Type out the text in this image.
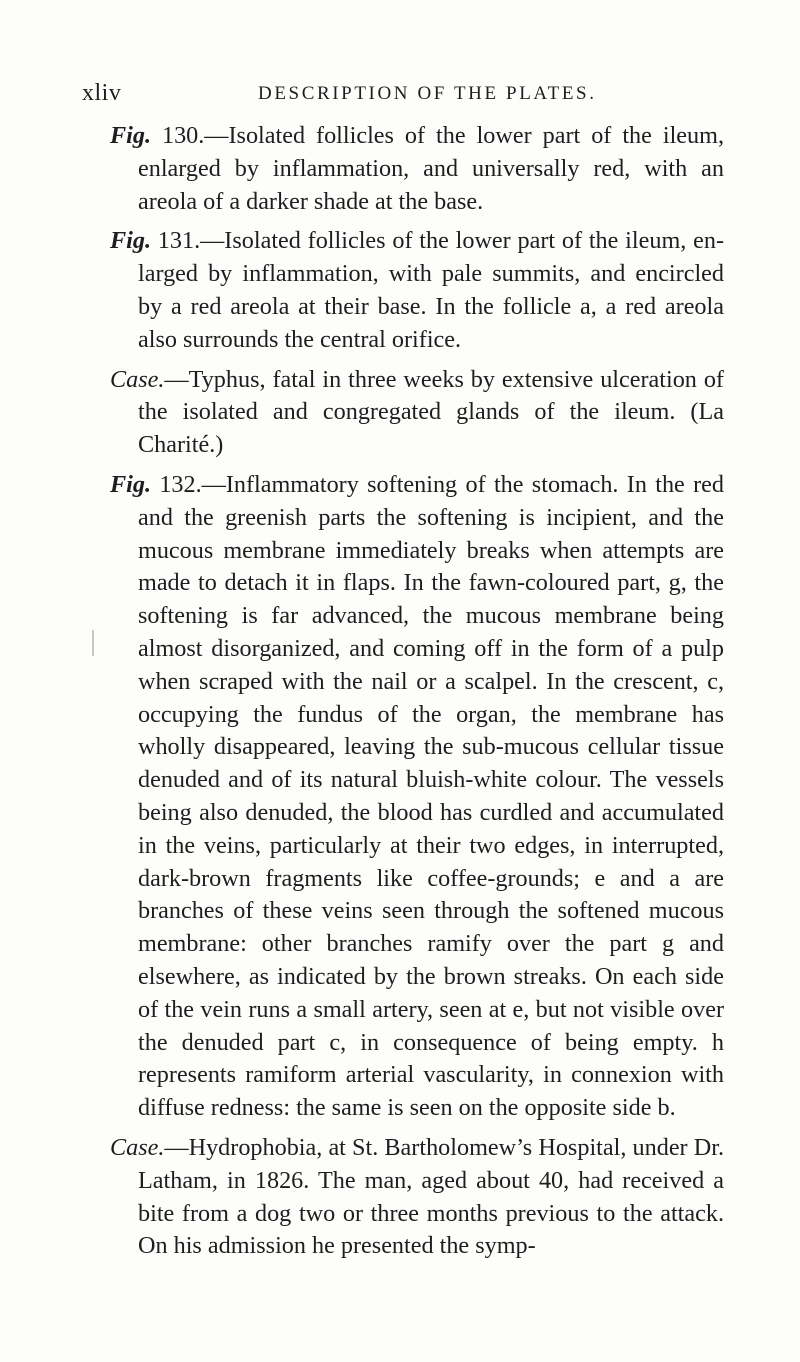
xliv	DESCRIPTION OF THE PLATES.

Fig. 130.—Isolated follicles of the lower part of the ileum, enlarged by inflammation, and universally red, with an areola of a darker shade at the base.

Fig. 131.—Isolated follicles of the lower part of the ileum, enlarged by inflammation, with pale summits, and encircled by a red areola at their base. In the follicle a, a red areola also surrounds the central orifice.

Case.—Typhus, fatal in three weeks by extensive ulceration of the isolated and congregated glands of the ileum. (La Charité.)

Fig. 132.—Inflammatory softening of the stomach. In the red and the greenish parts the softening is incipient, and the mucous membrane immediately breaks when attempts are made to detach it in flaps. In the fawn-coloured part, g, the softening is far advanced, the mucous membrane being almost disorganized, and coming off in the form of a pulp when scraped with the nail or a scalpel. In the crescent, c, occupying the fundus of the organ, the membrane has wholly disappeared, leaving the sub-mucous cellular tissue denuded and of its natural bluish-white colour. The vessels being also denuded, the blood has curdled and accumulated in the veins, particularly at their two edges, in interrupted, dark-brown fragments like coffee-grounds; e and a are branches of these veins seen through the softened mucous membrane: other branches ramify over the part g and elsewhere, as indicated by the brown streaks. On each side of the vein runs a small artery, seen at e, but not visible over the denuded part c, in consequence of being empty. h represents ramiform arterial vascularity, in connexion with diffuse redness: the same is seen on the opposite side b.

Case.—Hydrophobia, at St. Bartholomew’s Hospital, under Dr. Latham, in 1826. The man, aged about 40, had received a bite from a dog two or three months previous to the attack. On his admission he presented the symp-
